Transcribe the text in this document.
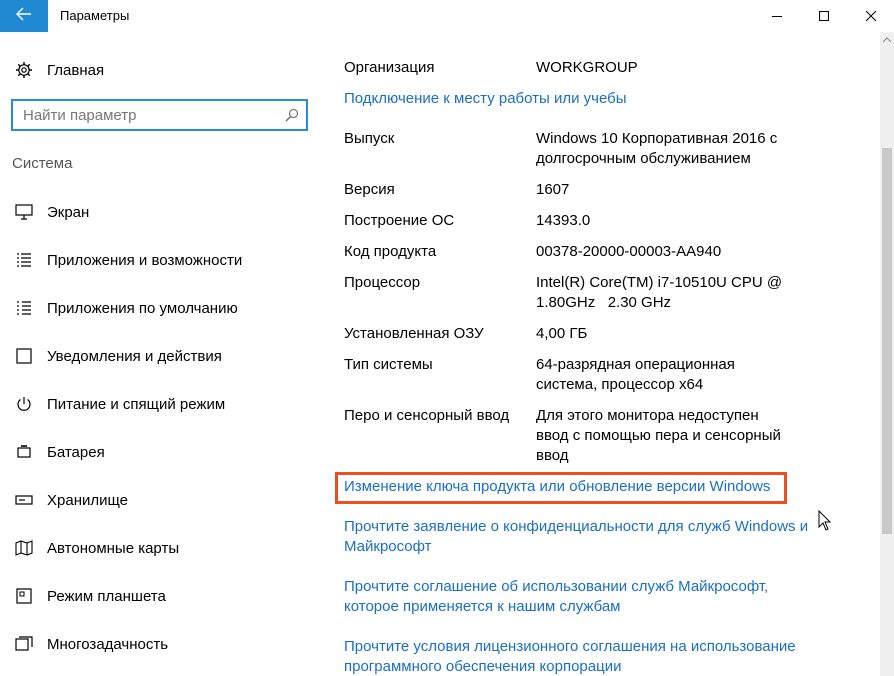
Параметры
Главная
Найти параметр
Система
Экран
Приложения и возможности
Приложения по умолчанию
Уведомления и действия
Питание и спящий режим
Батарея
Хранилище
Автономные карты
Режим планшета
Многозадачность
Организация	WORKGROUP
Подключение к месту работы или учебы
Выпуск	Windows 10 Корпоративная 2016 с долгосрочным обслуживанием
Версия	1607
Построение ОС	14393.0
Код продукта	00378-20000-00003-AA940
Процессор	Intel(R) Core(TM) i7-10510U CPU @ 1.80GHz   2.30 GHz
Установленная ОЗУ	4,00 ГБ
Тип системы	64-разрядная операционная система, процессор x64
Перо и сенсорный ввод	Для этого монитора недоступен ввод с помощью пера и сенсорный ввод
Изменение ключа продукта или обновление версии Windows
Прочтите заявление о конфиденциальности для служб Windows и Майкрософт
Прочтите соглашение об использовании служб Майкрософт, которое применяется к нашим службам
Прочтите условия лицензионного соглашения на использование программного обеспечения корпорации
